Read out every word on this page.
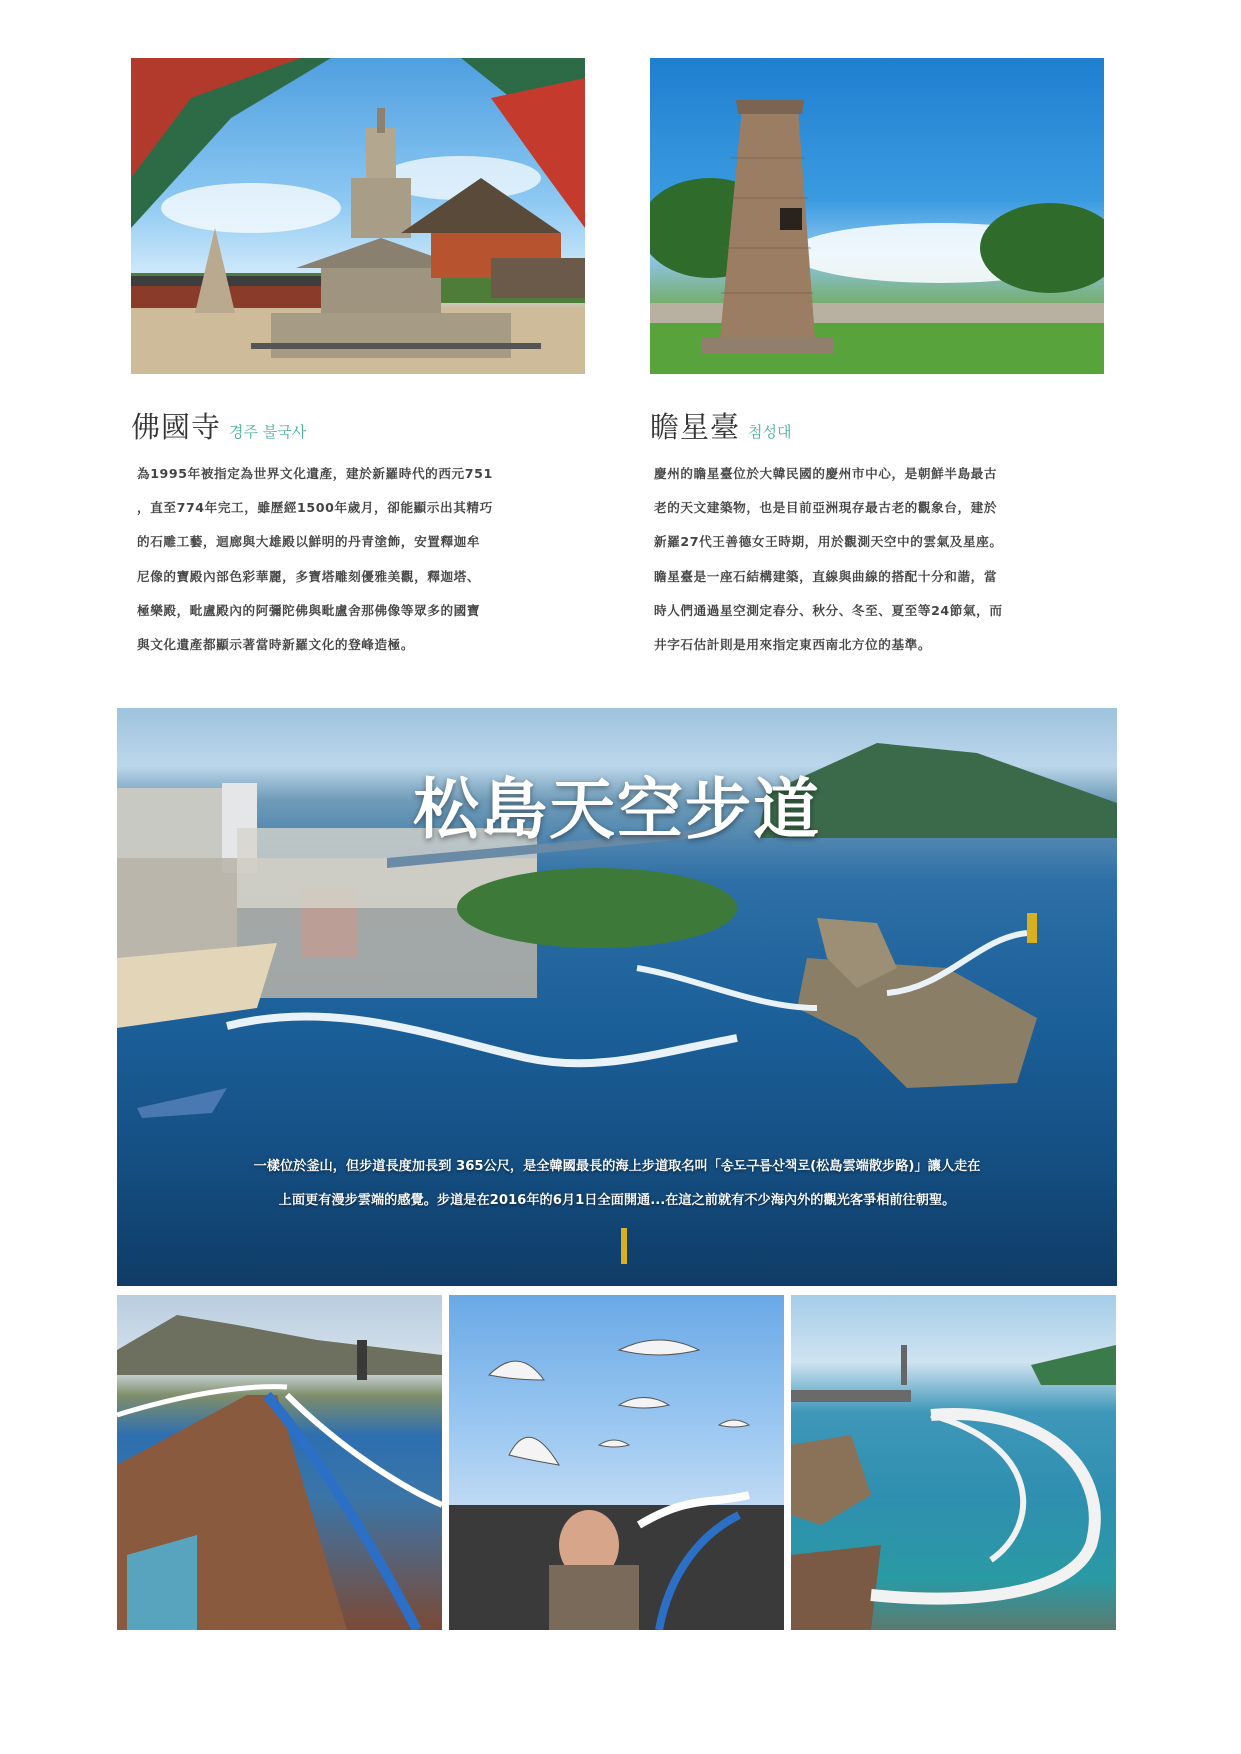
佛國寺 경주 불국사
為1995年被指定為世界文化遺產，建於新羅時代的西元751
，直至774年完工，雖歷經1500年歲月，卻能顯示出其精巧
的石雕工藝，迴廊與大雄殿以鮮明的丹青塗飾，安置釋迦牟
尼像的寶殿內部色彩華麗，多寶塔雕刻優雅美觀，釋迦塔、
極樂殿，毗盧殿內的阿彌陀佛與毗盧舍那佛像等眾多的國寶
與文化遺產都顯示著當時新羅文化的登峰造極。
瞻星臺 첨성대
慶州的瞻星臺位於大韓民國的慶州市中心，是朝鮮半島最古
老的天文建築物，也是目前亞洲現存最古老的觀象台，建於
新羅27代王善德女王時期，用於觀測天空中的雲氣及星座。
瞻星臺是一座石結構建築，直線與曲線的搭配十分和諧，當
時人們通過星空測定春分、秋分、冬至、夏至等24節氣，而
井字石估計則是用來指定東西南北方位的基準。
松島天空步道
一樣位於釜山，但步道長度加長到 365公尺，是全韓國最長的海上步道取名叫「송도구름산책로(松島雲端散步路)」讓人走在
上面更有漫步雲端的感覺。步道是在2016年的6月1日全面開通...在這之前就有不少海內外的觀光客爭相前往朝聖。
